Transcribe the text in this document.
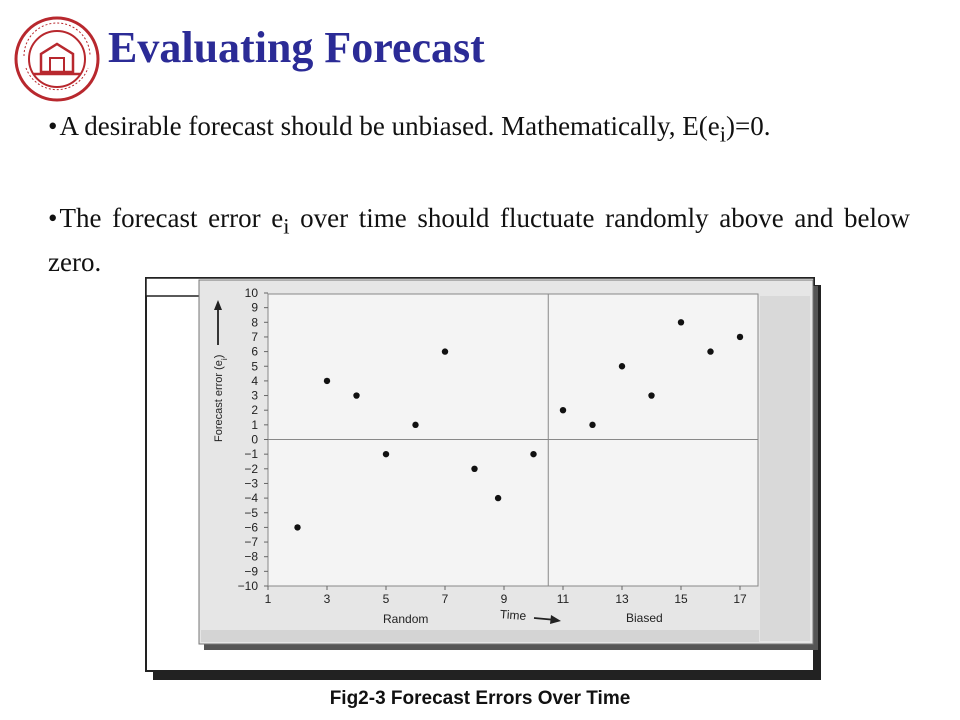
Evaluating Forecast
•A desirable forecast should be unbiased. Mathematically, $E(e_i)=0$.
•The forecast error $e_i$ over time should fluctuate randomly above and below zero.
10
9
8
7
6
5
4
3
2
1
0
−1
−2
−3
−4
−5
−6
−7
−8
−9
−10
1	3	5	7	9	11	13	15	17
Forecast error $(e_i)$
Time
Random	Biased
Fig2-3 Forecast Errors Over Time
